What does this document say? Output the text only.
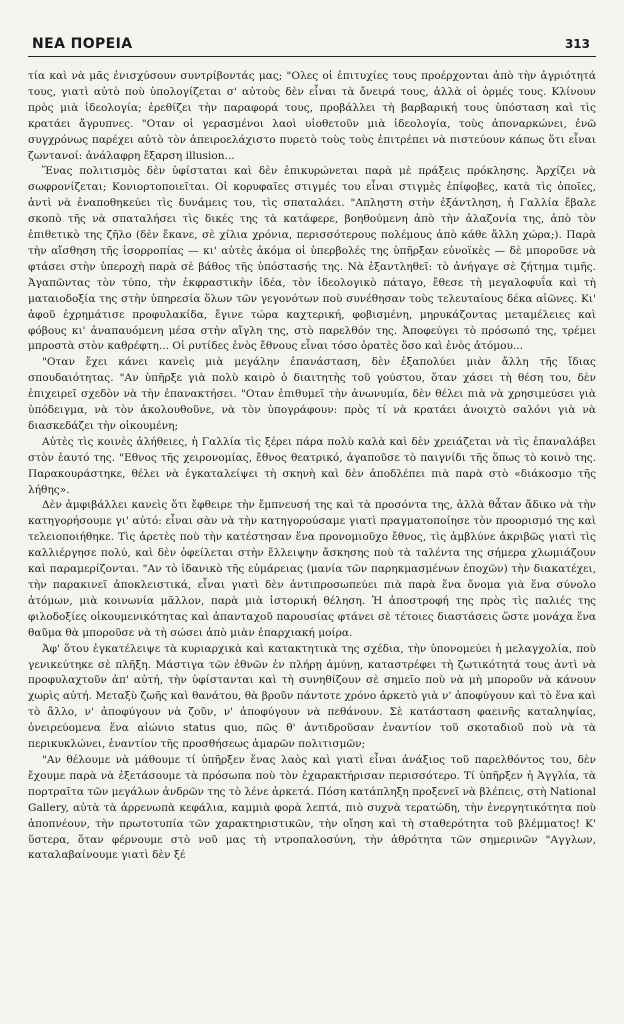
ΝΕΑ ΠΟΡΕΙΑ	313

τία καὶ νὰ μᾶς ἐνισχύσουν συντρίβοντάς μας; "Ολες οἱ ἐπιτυχίες τους προέρχονται ἀπὸ τὴν ἀγριότητά τους, γιατὶ αὐτὸ ποὺ ὑπολογίζεται σ' αὐτοὺς δὲν εἶναι τὰ ὄνειρά τους, ἀλλὰ οἱ ὁρμές τους. Κλίνουν πρὸς μιὰ ἰδεολογία; ἐρεθίζει τὴν παραφορά τους, προβάλλει τὴ βαρβαρική τους ὑπόσταση καὶ τὶς κρατάει ἄγρυπνες. "Οταν οἱ γερασμένοι λαοὶ υἱοθετοῦν μιὰ ἰδεολογία, τοὺς ἀποναρκώνει, ἐνῶ συγχρόνως παρέχει αὐτὸ τὸν ἀπειροελάχιστο πυρετὸ τοὺς τοὺς ἐπιτρέπει νὰ πιστεύουν κάπως ὅτι εἶναι ζωντανοί: ἀνάλαφρη ἔξαρση illusion...

Ἕνας πολιτισμὸς δὲν ὑφίσταται καὶ δὲν ἐπικυρώνεται παρὰ μὲ πράξεις πρόκλησης. Ἀρχίζει νὰ σωφρονίζεται; Κονιορτοποιεῖται. Οἱ κορυφαῖες στιγμές του εἶναι στιγμὲς ἐπίφοβες, κατὰ τὶς ὁποῖες, ἀντὶ νὰ ἐναποθηκεύει τὶς δυνάμεις του, τὶς σπαταλάει. "Απληστη στὴν ἐξάντληση, ἡ Γαλλία ἔβαλε σκοπὸ τῆς νὰ σπαταλήσει τὶς δικές της τὰ κατάφερε, βοηθούμενη ἀπὸ τὴν ἀλαζονία της, ἀπὸ τὸν ἐπιθετικὸ της ζῆλο (δὲν ἔκανε, σὲ χίλια χρόνια, περισσότερους πολέμους ἀπὸ κάθε ἄλλη χώρα;). Παρὰ τὴν αἴσθηση τῆς ἰσορροπίας — κι' αὐτὲς ἀκόμα οἱ ὑπερβολές της ὑπῆρξαν εὐνοϊκὲς — δὲ μποροῦσε νὰ φτάσει στὴν ὑπεροχὴ παρὰ σὲ βάθος τῆς ὑπόστασής της. Νὰ ἐξαντληθεῖ: τὸ ἀνήγαγε σὲ ζήτημα τιμῆς. Ἀγαπῶντας τὸν τύπο, τὴν ἐκφραστικὴν ἰδέα, τὸν ἰδεολογικὸ πάταγο, ἔθεσε τὴ μεγαλοφυΐα καὶ τὴ ματαιοδοξία της στὴν ὑπηρεσία ὅλων τῶν γεγονότων ποὺ συνέθησαν τοὺς τελευταίους δέκα αἰῶνες. Κι' ἀφοῦ ἐχρημάτισε προφυλακίδα, ἔγινε τώρα καχτερική, φοβισμένη, μηρυκάζοντας μεταμέλειες καὶ φόβους κι' ἀναπαυόμενη μέσα στὴν αἴγλη της, στὸ παρελθόν της. Ἀποφεύγει τὸ πρόσωπό της, τρέμει μπροστὰ στὸν καθρέφτη... Οἱ ρυτίδες ἑνὸς ἔθνους εἶναι τόσο ὁρατὲς ὅσο καὶ ἑνὸς ἀτόμου...

"Οταν ἔχει κάνει κανεὶς μιὰ μεγάλην ἐπανάσταση, δὲν ἐξαπολύει μιὰν ἄλλη τῆς ἴδιας σπουδαιότητας. "Αν ὑπῆρξε γιὰ πολὺ καιρὸ ὁ διαιτητὴς τοῦ γούστου, ὅταν χάσει τὴ θέση του, δὲν ἐπιχειρεῖ σχεδὸν νὰ τὴν ἐπανακτήσει. "Οταν ἐπιθυμεῖ τὴν ἀνωνυμία, δὲν θέλει πιὰ νὰ χρησιμεύσει γιὰ ὑπόδειγμα, νὰ τὸν ἀκολουθοῦνε, νὰ τὸν ὑπογράφουν: πρὸς τί νὰ κρατάει ἀνοιχτὸ σαλόνι γιὰ νὰ διασκεδάζει τὴν οἰκουμένη;

Αὐτὲς τὶς κοινὲς ἀλήθειες, ἡ Γαλλία τὶς ξέρει πάρα πολὺ καλὰ καὶ δὲν χρειάζεται νὰ τὶς ἐπαναλάβει στὸν ἑαυτό της. "Εθνος τῆς χειρονομίας, ἔθνος θεατρικό, ἀγαποῦσε τὸ παιγνίδι τῆς ὅπως τὸ κοινὸ της. Παρακουράστηκε, θέλει νὰ ἐγκαταλείψει τὴ σκηνὴ καὶ δὲν ἀποδλέπει πιὰ παρὰ στὸ «διάκοσμο τῆς λήθης».

Δὲν ἀμφιβάλλει κανεὶς ὅτι ἔφθειρε τὴν ἔμπνευσή της καὶ τὰ προσόντα της, ἀλλὰ θἆταν ἄδικο νὰ τὴν κατηγορήσουμε γι' αὐτό: εἶναι σὰν νὰ τὴν κατηγορούσαμε γιατὶ πραγματοποίησε τὸν προορισμό της καὶ τελειοποιήθηκε. Τὶς ἀρετὲς ποὺ τὴν κατέστησαν ἕνα προνομιοῦχο ἔθνος, τὶς ἀμβλύνε ἀκριβῶς γιατὶ τὶς καλλιέργησε πολύ, καὶ δὲν ὀφείλεται στὴν ἔλλειψην ἄσκησης ποὺ τὰ ταλέντα της σήμερα χλωμιάζουν καὶ παραμερίζονται. "Αν τὸ ἰδανικὸ τῆς εὐμάρειας (μανία τῶν παρηκμασμένων ἐποχῶν) τὴν διακατέχει, τὴν παρακινεῖ ἀποκλειστικά, εἶναι γιατὶ δὲν ἀντιπροσωπεύει πιὰ παρὰ ἕνα ὄνομα γιὰ ἕνα σύνολο ἀτόμων, μιὰ κοινωνία μᾶλλον, παρὰ μιὰ ἱστορική θέληση. Ἡ ἀποστροφή της πρὸς τὶς παλιές της φιλοδοξίες οἰκουμενικότητας καὶ ἀπανταχοῦ παρουσίας φτάνει σὲ τέτοιες διαστάσεις ὥστε μονάχα ἕνα θαῦμα θὰ μποροῦσε νὰ τὴ σώσει ἀπὸ μιὰν ἐπαρχιακή μοίρα.

Ἀφ' ὅτου ἐγκατέλειψε τὰ κυριαρχικὰ καὶ κατακτητικὰ της σχέδια, τὴν ὑπονομεύει ἡ μελαγχολία, ποὺ γενικεύτηκε σὲ πλῆξη. Μάστιγα τῶν ἐθνῶν ἐν πλήρῃ ἀμύνῃ, καταστρέφει τὴ ζωτικότητά τους ἀντὶ νὰ προφυλαχτοῦν ἀπ' αὐτή, τὴν ὑφίστανται καὶ τὴ συνηθίζουν σὲ σημεῖο ποὺ νὰ μὴ μποροῦν νὰ κάνουν χωρὶς αὐτή. Μεταξὺ ζωῆς καὶ θανάτου, θὰ βροῦν πάντοτε χρόνο ἀρκετὸ γιὰ ν' ἀποφύγουν καὶ τὸ ἕνα καὶ τὸ ἄλλο, ν' ἀποφύγουν νὰ ζοῦν, ν' ἀποφύγουν νὰ πεθάνουν. Σὲ κατάσταση φαεινῆς καταληψίας, ὀνειρεύομενα ἕνα αἰώνιο status quo, πῶς θ' ἀντιδροῦσαν ἐναντίον τοῦ σκοταδιοῦ ποὺ νὰ τὰ περικυκλώνει, ἐναντίον τῆς προσθήσεως ἀμαρῶν πολιτισμῶν;

"Αν θέλουμε νὰ μάθουμε τί ὑπῆρξεν ἕνας λαὸς καὶ γιατὶ εἶναι ἀνάξιος τοῦ παρελθόντος του, δὲν ἔχουμε παρὰ νὰ ἐξετάσουμε τὰ πρόσωπα ποὺ τὸν ἐχαρακτήρισαν περισσότερο. Τί ὑπῆρξεν ἡ Ἀγγλία, τὰ πορτραῖτα τῶν μεγάλων ἀνδρῶν της τὸ λένε ἀρκετά. Πόση κατάπληξη προξενεῖ νὰ βλέπεις, στὴ National Gallery, αὐτὰ τὰ ἀρρενωπὰ κεφάλια, καμμιὰ φορὰ λεπτά, πιὸ συχνὰ τερατώδη, τὴν ἐνεργητικότητα ποὺ ἀποπνέουν, τὴν πρωτοτυπία τῶν χαρακτηριστικῶν, τὴν οἴηση καὶ τὴ σταθερότητα τοῦ βλέμματος! Κ' ὕστερα, ὅταν φέρνουμε στὸ νοῦ μας τὴ ντροπαλοσύνη, τὴν ἀθρότητα τῶν σημερινῶν "Αγγλων, καταλαβαίνουμε γιατὶ δὲν ξέ
